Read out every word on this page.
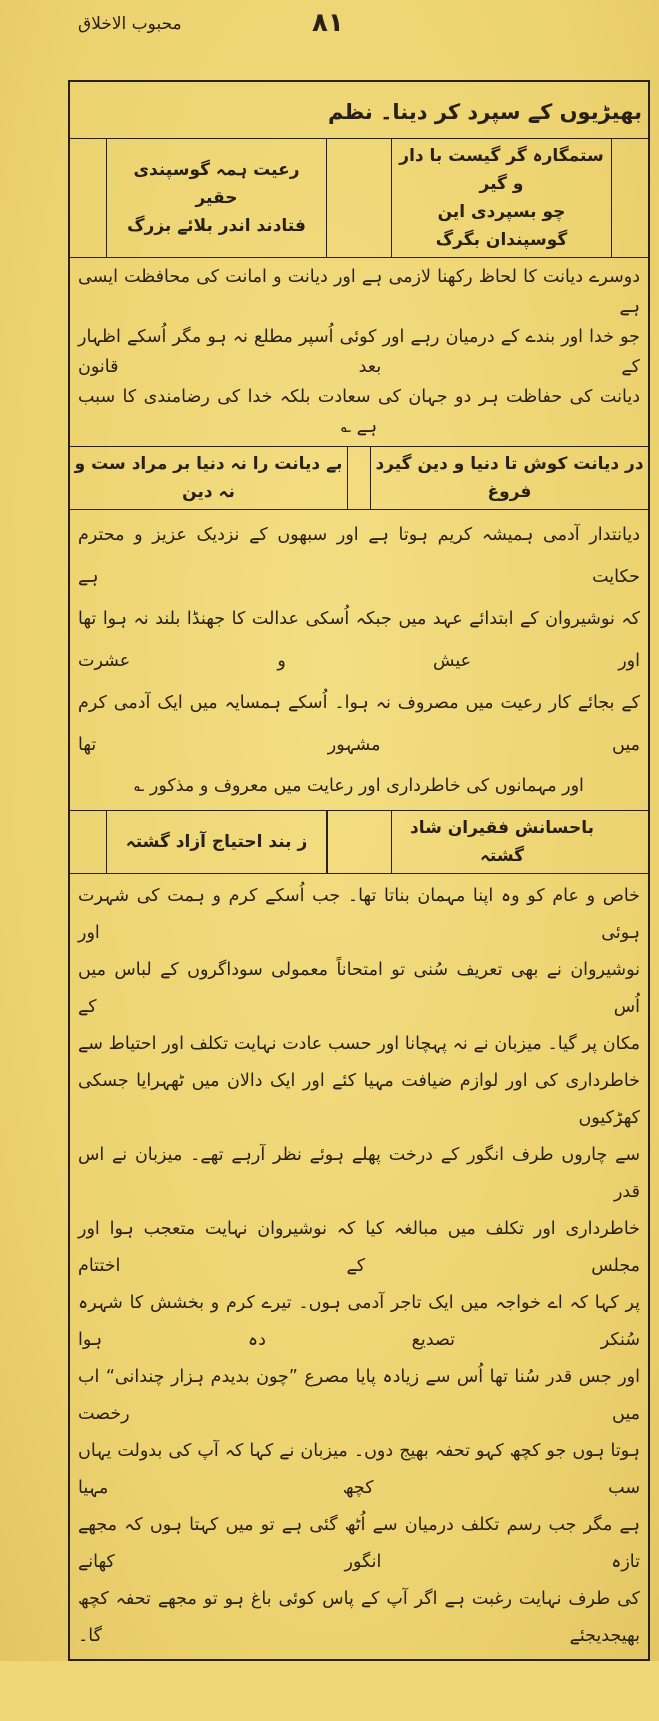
محبوب الاخلاق	٨١
بھیڑیوں کے سپرد کر دینا۔ نظم
ستمگارہ گر گیست با دار و گیر
چو بسپردی این گوسپندان بگرگ
رعیت ہمہ گوسپندی حقیر
فتادند اندر بلائے بزرگ
دوسرے دیانت کا لحاظ رکھنا لازمی ہے اور دیانت و امانت کی محافظت ایسی ہے
جو خدا اور بندے کے درمیان رہے اور کوئی اُسپر مطلع نہ ہو مگر اُسکے اظہار کے بعد قانون
دیانت کی حفاظت ہر دو جہان کی سعادت بلکہ خدا کی رضامندی کا سبب ہے ؎
در دیانت کوش تا دنیا و دین گیرد فروغ
بے دیانت را نہ دنیا بر مراد ست و نہ دین
دیانتدار آدمی ہمیشہ کریم ہوتا ہے اور سبھوں کے نزدیک عزیز و محترم حکایت ہے
کہ نوشیروان کے ابتدائے عہد میں جبکہ اُسکی عدالت کا جھنڈا بلند نہ ہوا تھا اور عیش و عشرت
کے بجائے کار رعیت میں مصروف نہ ہوا۔ اُسکے ہمسایہ میں ایک آدمی کرم میں مشہور تھا
اور مہمانوں کی خاطرداری اور رعایت میں معروف و مذکور ؎
باحسانش فقیران شاد گشتہ
ز بند احتیاج آزاد گشتہ
خاص و عام کو وہ اپنا مہمان بناتا تھا۔ جب اُسکے کرم و ہمت کی شہرت ہوئی اور
نوشیروان نے بھی تعریف سُنی تو امتحاناً معمولی سوداگروں کے لباس میں اُس کے
مکان پر گیا۔ میزبان نے نہ پہچانا اور حسب عادت نہایت تکلف اور احتیاط سے
خاطرداری کی اور لوازم ضیافت مہیا کئے اور ایک دالان میں ٹھہرایا جسکی کھڑکیوں
سے چاروں طرف انگور کے درخت پھلے ہوئے نظر آرہے تھے۔ میزبان نے اس قدر
خاطرداری اور تکلف میں مبالغہ کیا کہ نوشیروان نہایت متعجب ہوا اور مجلس کے اختتام
پر کہا کہ اے خواجہ میں ایک تاجر آدمی ہوں۔ تیرے کرم و بخشش کا شہرہ سُنکر تصدیع دہ ہوا
اور جس قدر سُنا تھا اُس سے زیادہ پایا مصرع ”چون بدیدم ہزار چندانی“ اب میں رخصت
ہوتا ہوں جو کچھ کہو تحفہ بھیج دوں۔ میزبان نے کہا کہ آپ کی بدولت یہاں سب کچھ مہیا
ہے مگر جب رسم تکلف درمیان سے اُٹھ گئی ہے تو میں کہتا ہوں کہ مجھے تازہ انگور کھانے
کی طرف نہایت رغبت ہے اگر آپ کے پاس کوئی باغ ہو تو مجھے تحفہ کچھ بھیجدیجئے گا۔
